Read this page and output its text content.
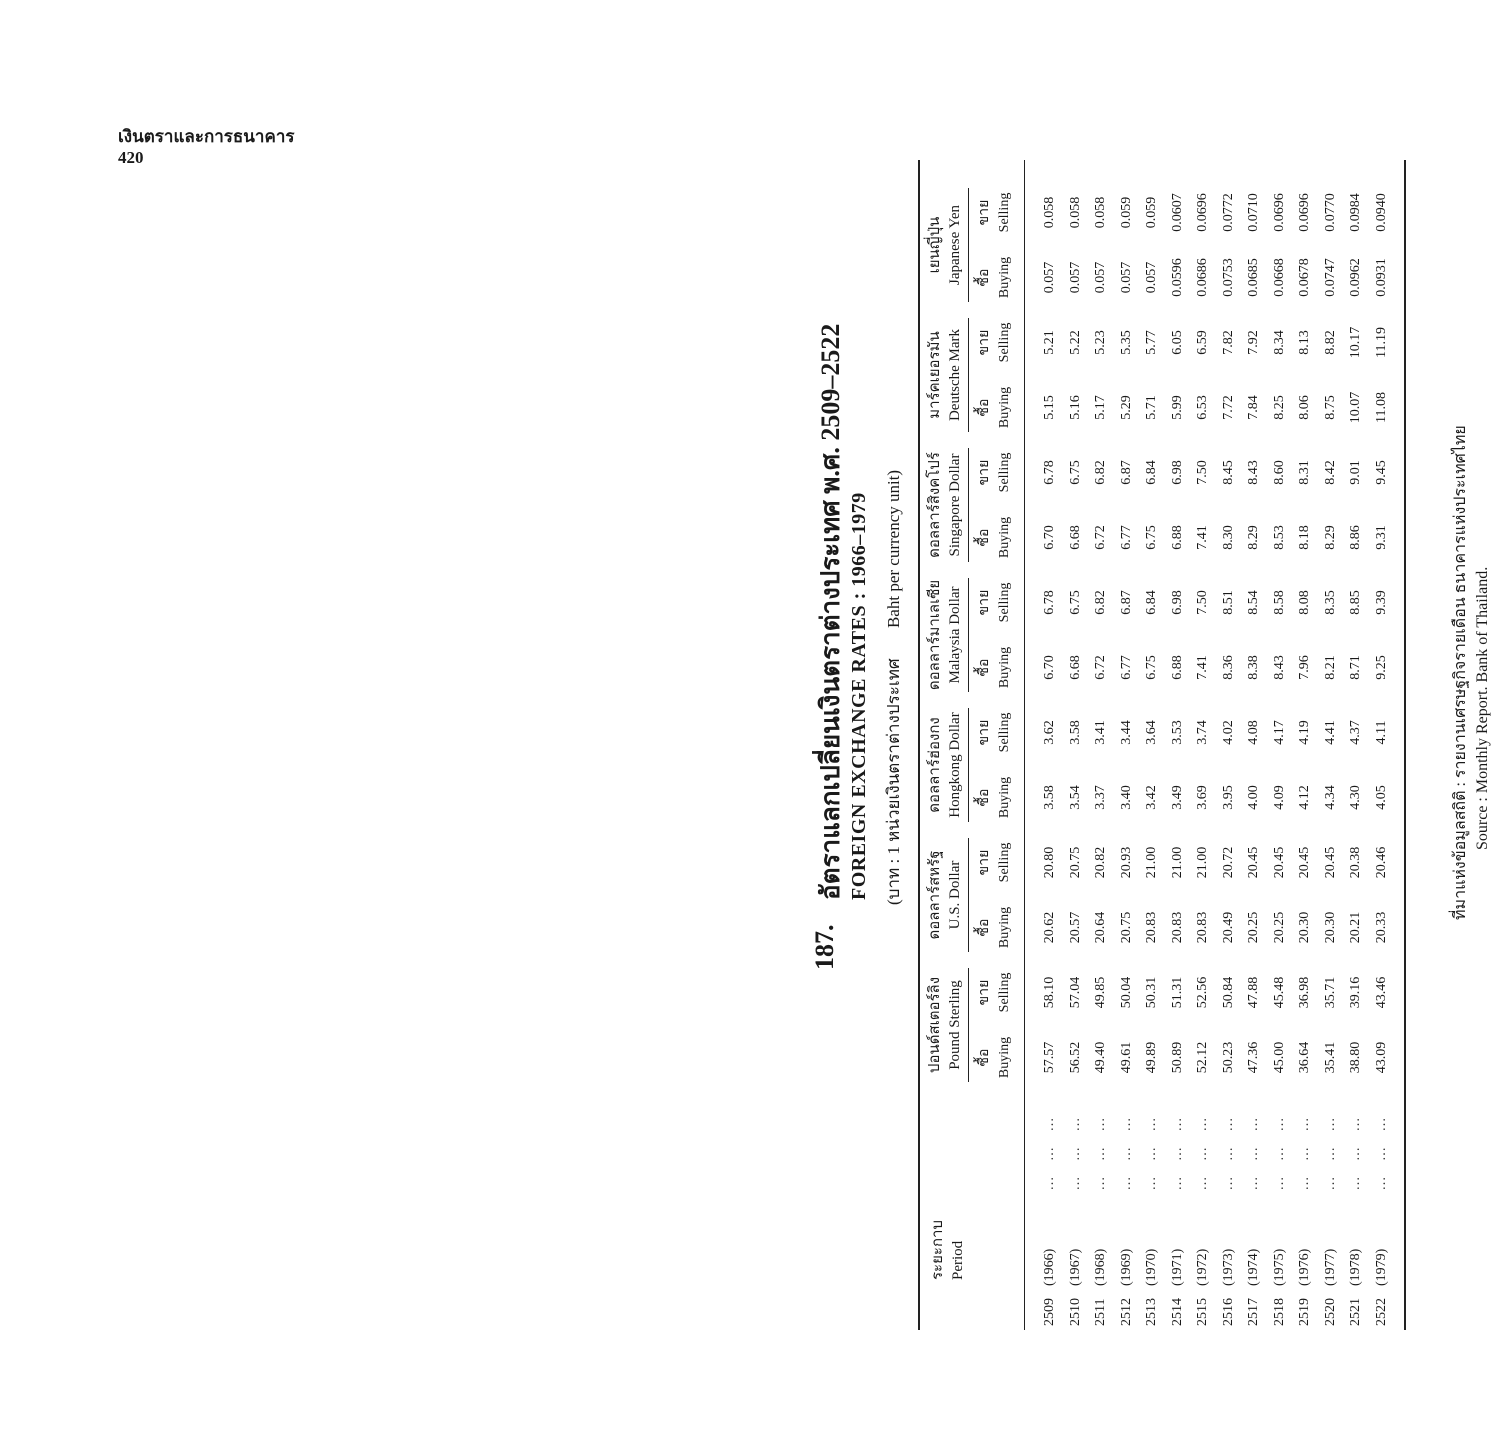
เงินตราและการธนาคาร
420
187.
อัตราแลกเปลี่ยนเงินตราต่างประเทศ พ.ศ. 2509–2522 FOREIGN EXCHANGE RATES : 1966–1979 (บาท : 1 หน่วยเงินตราต่างประเทศ Baht per currency unit)
ระยะกาบ Period
ปอนด์สเตอร์ลิง Pound Sterling ซื้อ Buying
ขาย Selling
ดอลลาร์สหรัฐ U.S. Dollar ซื้อ Buying
ขาย Selling
ดอลลาร์ฮ่องกง Hongkong Dollar ซื้อ Buying
ขาย Selling
ดอลลาร์มาเลเซีย Malaysia Dollar ซื้อ Buying
ขาย Selling
ดอลลาร์สิงคโปร์ Singapore Dollar ซื้อ Buying
ขาย Selling
มาร์คเยอรมัน Deutsche Mark ซื้อ Buying
ขาย Selling
เยนญี่ปุ่น Japanese Yen ซื้อ Buying
ขาย Selling
2509
(1966)
… … …
57.57
58.10
20.62
20.80
3.58
3.62
6.70
6.78
6.70
6.78
5.15
5.21
0.057
0.058
2510
(1967)
… … …
56.52
57.04
20.57
20.75
3.54
3.58
6.68
6.75
6.68
6.75
5.16
5.22
0.057
0.058
2511
(1968)
… … …
49.40
49.85
20.64
20.82
3.37
3.41
6.72
6.82
6.72
6.82
5.17
5.23
0.057
0.058
2512
(1969)
… … …
49.61
50.04
20.75
20.93
3.40
3.44
6.77
6.87
6.77
6.87
5.29
5.35
0.057
0.059
2513
(1970)
… … …
49.89
50.31
20.83
21.00
3.42
3.64
6.75
6.84
6.75
6.84
5.71
5.77
0.057
0.059
2514
(1971)
… … …
50.89
51.31
20.83
21.00
3.49
3.53
6.88
6.98
6.88
6.98
5.99
6.05
0.0596
0.0607
2515
(1972)
… … …
52.12
52.56
20.83
21.00
3.69
3.74
7.41
7.50
7.41
7.50
6.53
6.59
0.0686
0.0696
2516
(1973)
… … …
50.23
50.84
20.49
20.72
3.95
4.02
8.36
8.51
8.30
8.45
7.72
7.82
0.0753
0.0772
2517
(1974)
… … …
47.36
47.88
20.25
20.45
4.00
4.08
8.38
8.54
8.29
8.43
7.84
7.92
0.0685
0.0710
2518
(1975)
… … …
45.00
45.48
20.25
20.45
4.09
4.17
8.43
8.58
8.53
8.60
8.25
8.34
0.0668
0.0696
2519
(1976)
… … …
36.64
36.98
20.30
20.45
4.12
4.19
7.96
8.08
8.18
8.31
8.06
8.13
0.0678
0.0696
2520
(1977)
… … …
35.41
35.71
20.30
20.45
4.34
4.41
8.21
8.35
8.29
8.42
8.75
8.82
0.0747
0.0770
2521
(1978)
… … …
38.80
39.16
20.21
20.38
4.30
4.37
8.71
8.85
8.86
9.01
10.07
10.17
0.0962
0.0984
2522
(1979)
… … …
43.09
43.46
20.33
20.46
4.05
4.11
9.25
9.39
9.31
9.45
11.08
11.19
0.0931
0.0940
ที่มาแห่งข้อมูลสถิติ : รายงานเศรษฐกิจรายเดือน ธนาคารแห่งประเทศไทย Source : Monthly Report. Bank of Thailand.
